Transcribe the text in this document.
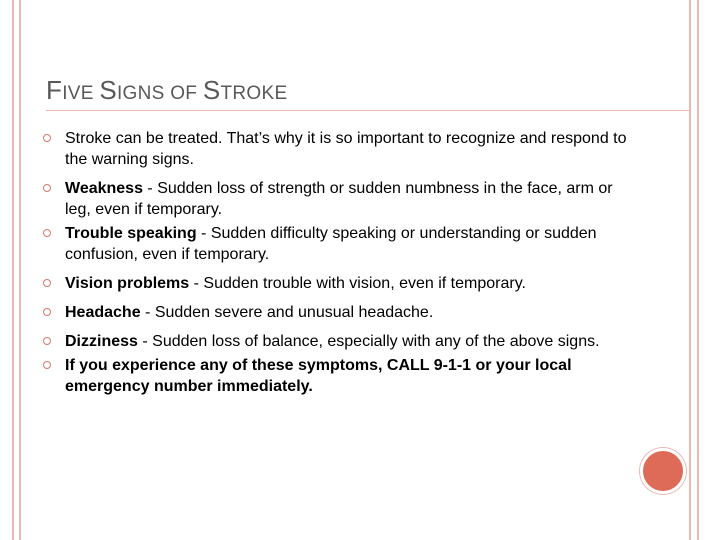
FIVE SIGNS OF STROKE
Stroke can be treated. That’s why it is so important to recognize and respond to the warning signs.
Weakness - Sudden loss of strength or sudden numbness in the face, arm or leg, even if temporary.
Trouble speaking - Sudden difficulty speaking or understanding or sudden confusion, even if temporary.
Vision problems - Sudden trouble with vision, even if temporary.
Headache - Sudden severe and unusual headache.
Dizziness - Sudden loss of balance, especially with any of the above signs.
If you experience any of these symptoms, CALL 9-1-1 or your local emergency number immediately.
